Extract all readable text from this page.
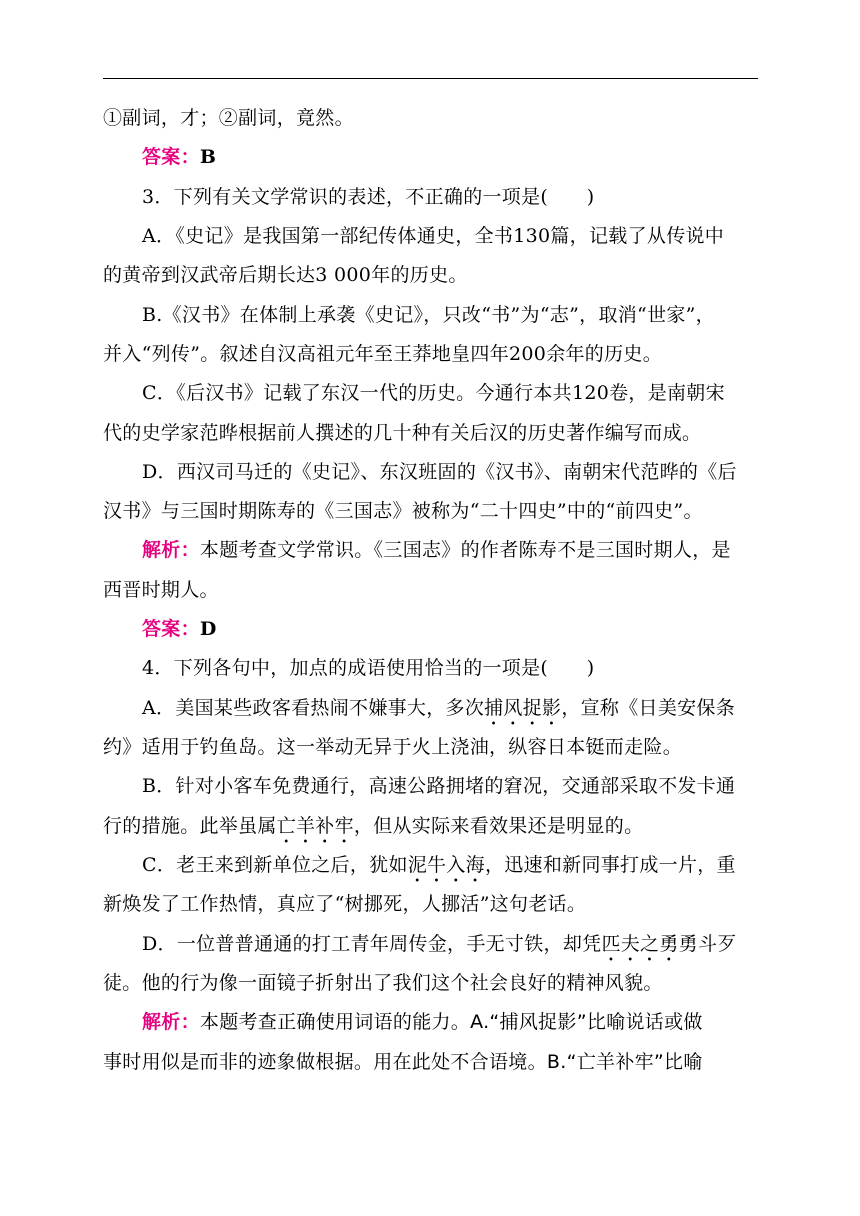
①副词，才；②副词，竟然。
答案：B
3．下列有关文学常识的表述，不正确的一项是(　　)
A．《史记》是我国第一部纪传体通史，全书130篇，记载了从传说中
的黄帝到汉武帝后期长达3 000年的历史。
B.《汉书》在体制上承袭《史记》，只改“书”为“志”，取消“世家”，
并入“列传”。叙述自汉高祖元年至王莽地皇四年200余年的历史。
C．《后汉书》记载了东汉一代的历史。今通行本共120卷，是南朝宋
代的史学家范晔根据前人撰述的几十种有关后汉的历史著作编写而成。
D．西汉司马迁的《史记》、东汉班固的《汉书》、南朝宋代范晔的《后
汉书》与三国时期陈寿的《三国志》被称为“二十四史”中的“前四史”。
解析：本题考查文学常识。《三国志》的作者陈寿不是三国时期人，是
西晋时期人。
答案：D
4．下列各句中，加点的成语使用恰当的一项是(　　)
A．美国某些政客看热闹不嫌事大，多次捕风捉影，宣称《日美安保条
约》适用于钓鱼岛。这一举动无异于火上浇油，纵容日本铤而走险。
B．针对小客车免费通行，高速公路拥堵的窘况，交通部采取不发卡通
行的措施。此举虽属亡羊补牢，但从实际来看效果还是明显的。
C．老王来到新单位之后，犹如泥牛入海，迅速和新同事打成一片，重
新焕发了工作热情，真应了“树挪死，人挪活”这句老话。
D．一位普普通通的打工青年周传金，手无寸铁，却凭匹夫之勇勇斗歹
徒。他的行为像一面镜子折射出了我们这个社会良好的精神风貌。
解析：本题考查正确使用词语的能力。A.“捕风捉影”比喻说话或做
事时用似是而非的迹象做根据。用在此处不合语境。B.“亡羊补牢”比喻
